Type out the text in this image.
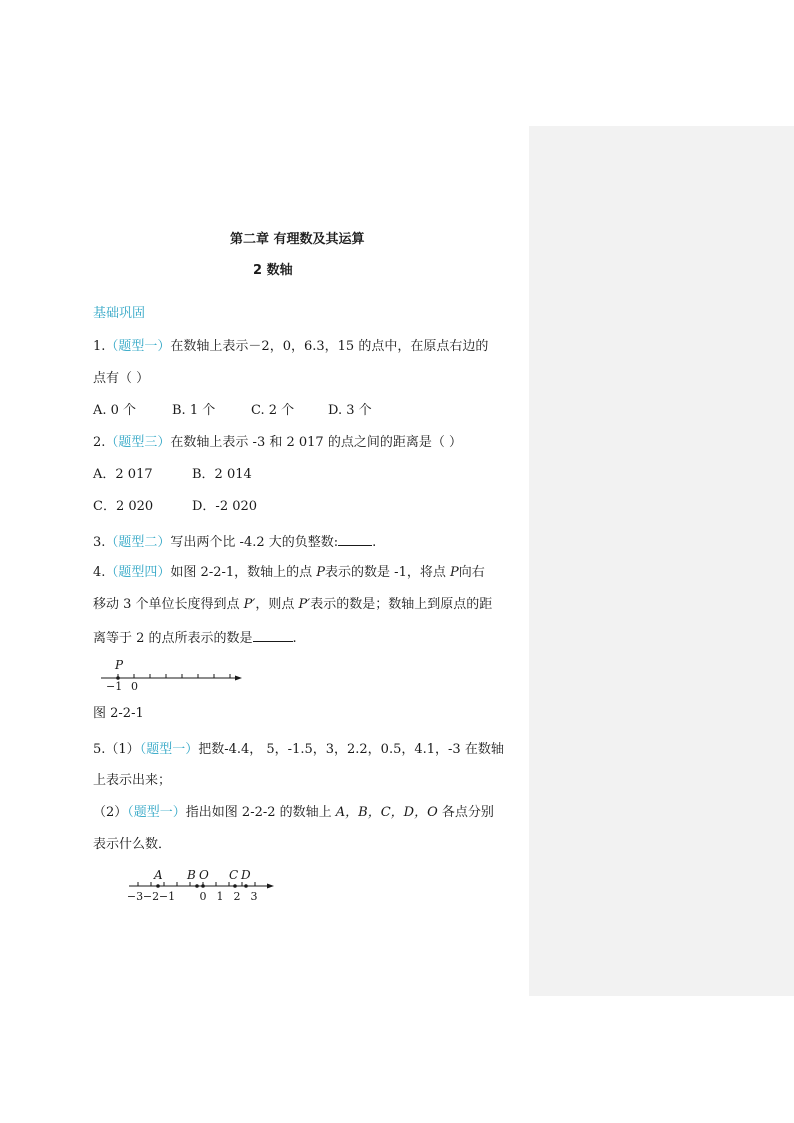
第二章 有理数及其运算
2 数轴
基础巩固
1.（题型一）在数轴上表示－2，0，6.3，15 的点中，在原点右边的
点有（ ）
A. 0 个	B. 1 个	C. 2 个	D. 3 个
2.（题型三）在数轴上表示 -3 和 2 017 的点之间的距离是（ ）
A．2 017	B．2 014
C．2 020	D．-2 020
3.（题型二）写出两个比 -4.2 大的负整数:	.
4.（题型四）如图 2-2-1，数轴上的点 P表示的数是 -1，将点 P向右
移动 3 个单位长度得到点 P′，则点 P′表示的数是；数轴上到原点的距
离等于 2 的点所表示的数是	.
P
−1 0
图 2-2-1
5.（1）（题型一）把数-4.4， 5，-1.5，3，2.2，0.5，4.1，-3 在数轴
上表示出来；
（2）（题型一）指出如图 2-2-2 的数轴上 A，B，C，D，O 各点分别
表示什么数．
A B O C D
−3 −2 −1 0 1 2 3
